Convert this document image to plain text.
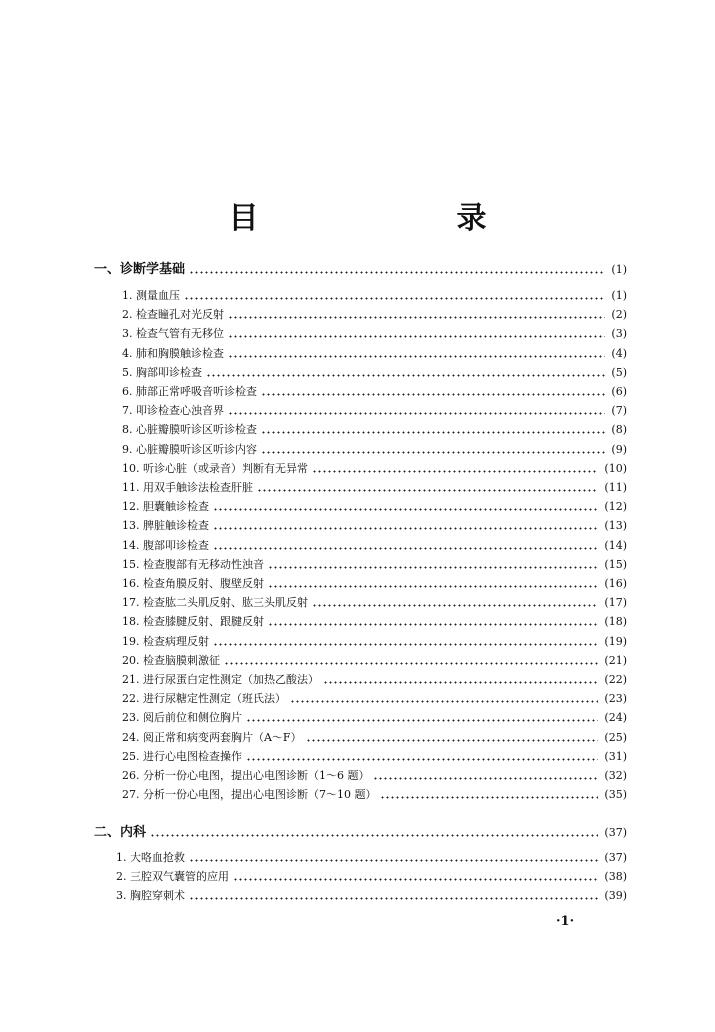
目　　录
一、诊断学基础	(1)
1. 测量血压	(1)
2. 检查瞳孔对光反射	(2)
3. 检查气管有无移位	(3)
4. 肺和胸膜触诊检查	(4)
5. 胸部叩诊检查	(5)
6. 肺部正常呼吸音听诊检查	(6)
7. 叩诊检查心浊音界	(7)
8. 心脏瓣膜听诊区听诊检查	(8)
9. 心脏瓣膜听诊区听诊内容	(9)
10. 听诊心脏（或录音）判断有无异常	(10)
11. 用双手触诊法检查肝脏	(11)
12. 胆囊触诊检查	(12)
13. 脾脏触诊检查	(13)
14. 腹部叩诊检查	(14)
15. 检查腹部有无移动性浊音	(15)
16. 检查角膜反射、腹壁反射	(16)
17. 检查肱二头肌反射、肱三头肌反射	(17)
18. 检查膝腱反射、跟腱反射	(18)
19. 检查病理反射	(19)
20. 检查脑膜刺激征	(21)
21. 进行尿蛋白定性测定（加热乙酸法）	(22)
22. 进行尿糖定性测定（班氏法）	(23)
23. 阅后前位和侧位胸片	(24)
24. 阅正常和病变两套胸片（A～F）	(25)
25. 进行心电图检查操作	(31)
26. 分析一份心电图，提出心电图诊断（1～6 题）	(32)
27. 分析一份心电图，提出心电图诊断（7～10 题）	(35)
二、内科	(37)
1. 大咯血抢救	(37)
2. 三腔双气囊管的应用	(38)
3. 胸腔穿刺术	(39)
·1·
